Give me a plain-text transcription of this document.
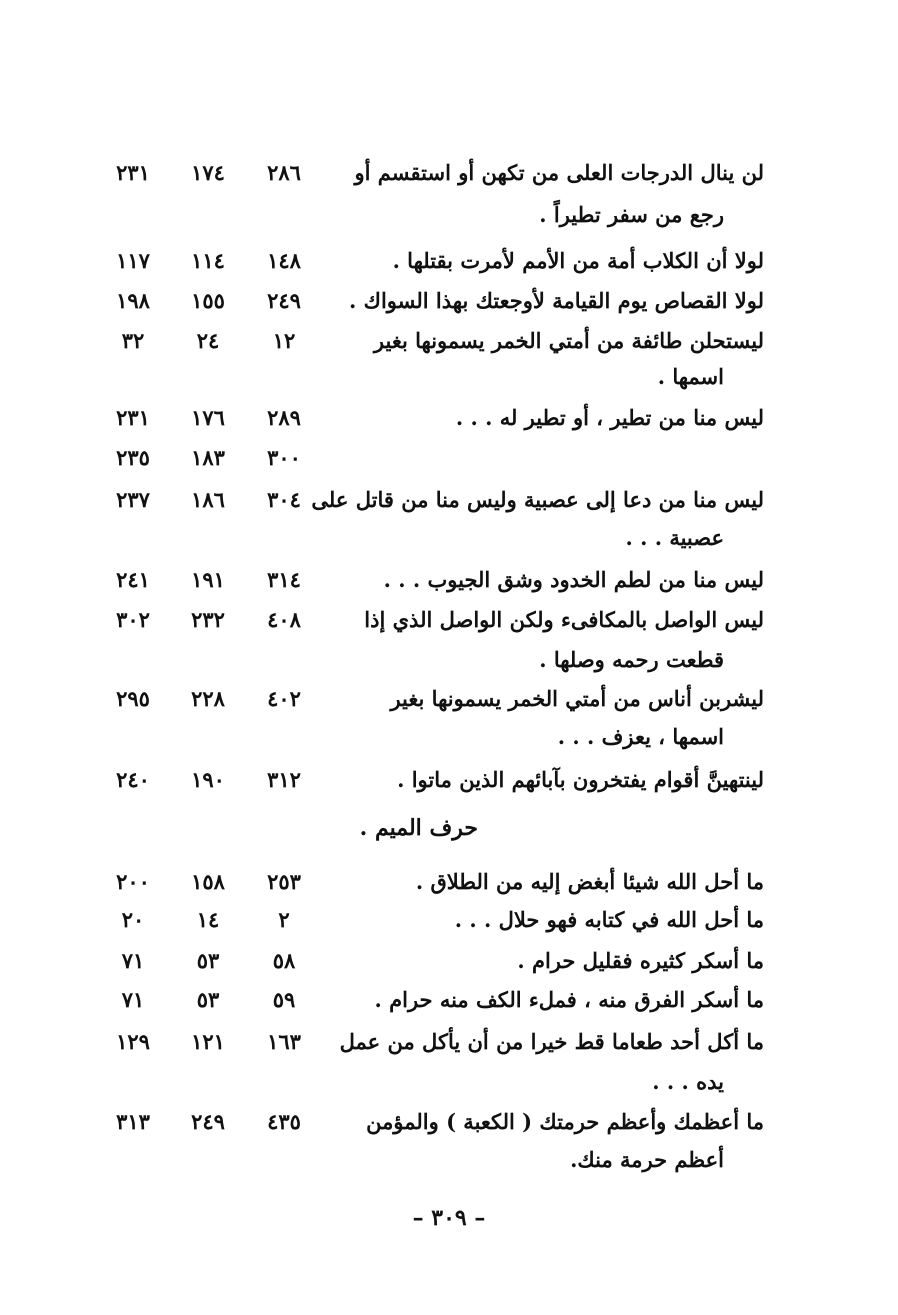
لن ينال الدرجات العلى من تكهن أو استقسم أو
٢٨٦
١٧٤
٢٣١
رجع من سفر تطيراً .
لولا أن الكلاب أمة من الأمم لأمرت بقتلها .
١٤٨
١١٤
١١٧
لولا القصاص يوم القيامة لأوجعتك بهذا السواك .
٢٤٩
١٥٥
١٩٨
ليستحلن طائفة من أمتي الخمر يسمونها بغير
١٢
٢٤
٣٢
اسمها .
ليس منا من تطير ، أو تطير له . . .
٢٨٩
١٧٦
٢٣١
٣٠٠
١٨٣
٢٣٥
ليس منا من دعا إلى عصبية وليس منا من قاتل على
٣٠٤
١٨٦
٢٣٧
عصبية . . .
ليس منا من لطم الخدود وشق الجيوب . . .
٣١٤
١٩١
٢٤١
ليس الواصل بالمكافىء ولكن الواصل الذي إذا
٤٠٨
٢٣٢
٣٠٢
قطعت رحمه وصلها .
ليشربن أناس من أمتي الخمر يسمونها بغير
٤٠٢
٢٢٨
٢٩٥
اسمها ، يعزف . . .
لينتهينَّ أقوام يفتخرون بآبائهم الذين ماتوا .
٣١٢
١٩٠
٢٤٠
حرف الميم .
ما أحل الله شيئا أبغض إليه من الطلاق .
٢٥٣
١٥٨
٢٠٠
ما أحل الله في كتابه فهو حلال . . .
٢
١٤
٢٠
ما أسكر كثيره فقليل حرام .
٥٨
٥٣
٧١
ما أسكر الفرق منه ، فملء الكف منه حرام .
٥٩
٥٣
٧١
ما أكل أحد طعاما قط خيرا من أن يأكل من عمل
١٦٣
١٢١
١٢٩
يده . . .
ما أعظمك وأعظم حرمتك ( الكعبة ) والمؤمن
٤٣٥
٢٤٩
٣١٣
أعظم حرمة منك.
– ٣٠٩ –
